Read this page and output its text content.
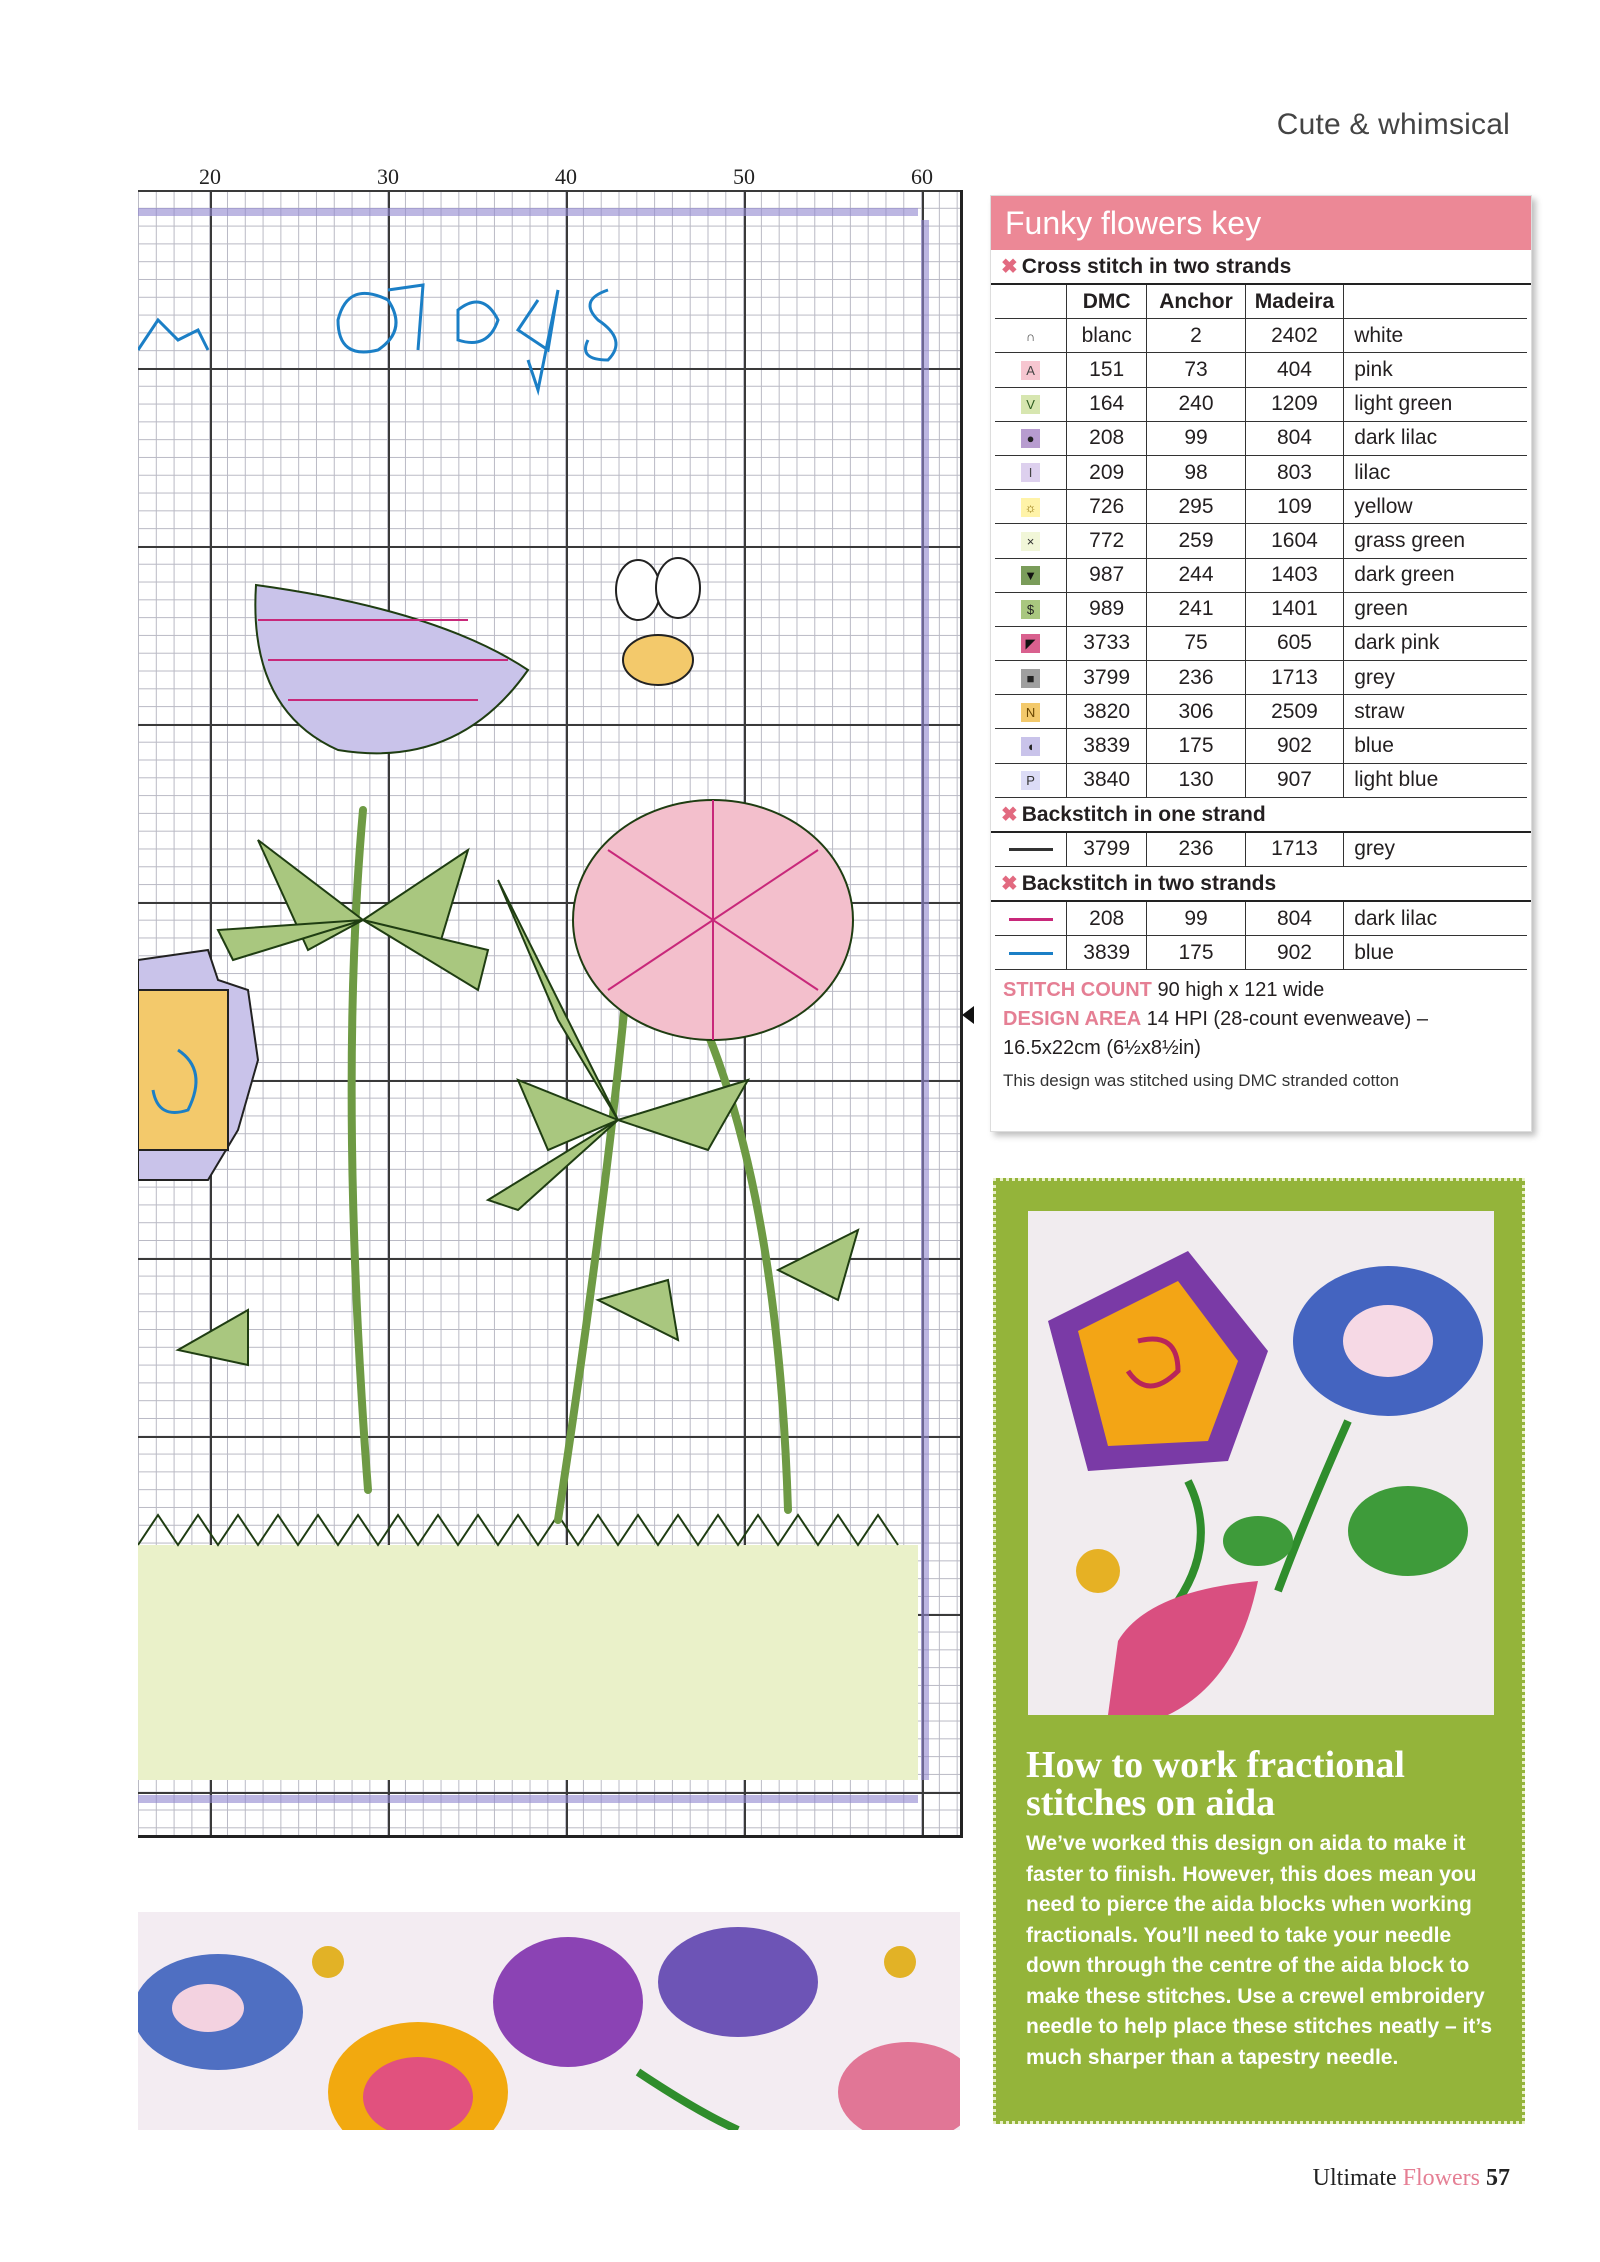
Cute & whimsical
20	30	40	50	60
Funky flowers key
✖ Cross stitch in two strands
	DMC	Anchor	Madeira	
∩	blanc	2	2402	white
A	151	73	404	pink
V	164	240	1209	light green
●	208	99	804	dark lilac
I	209	98	803	lilac
☼	726	295	109	yellow
×	772	259	1604	grass green
▼	987	244	1403	dark green
$	989	241	1401	green
◤	3733	75	605	dark pink
■	3799	236	1713	grey
N	3820	306	2509	straw
◖	3839	175	902	blue
P	3840	130	907	light blue
✖ Backstitch in one strand
	3799	236	1713	grey
✖ Backstitch in two strands
	208	99	804	dark lilac
	3839	175	902	blue
STITCH COUNT 90 high x 121 wide
DESIGN AREA 14 HPI (28-count evenweave) – 16.5x22cm (6½x8½in)
This design was stitched using DMC stranded cotton
How to work fractional stitches on aida
We’ve worked this design on aida to make it faster to finish. However, this does mean you need to pierce the aida blocks when working fractionals. You’ll need to take your needle down through the centre of the aida block to make these stitches. Use a crewel embroidery needle to help place these stitches neatly – it’s much sharper than a tapestry needle.
Ultimate Flowers 57
